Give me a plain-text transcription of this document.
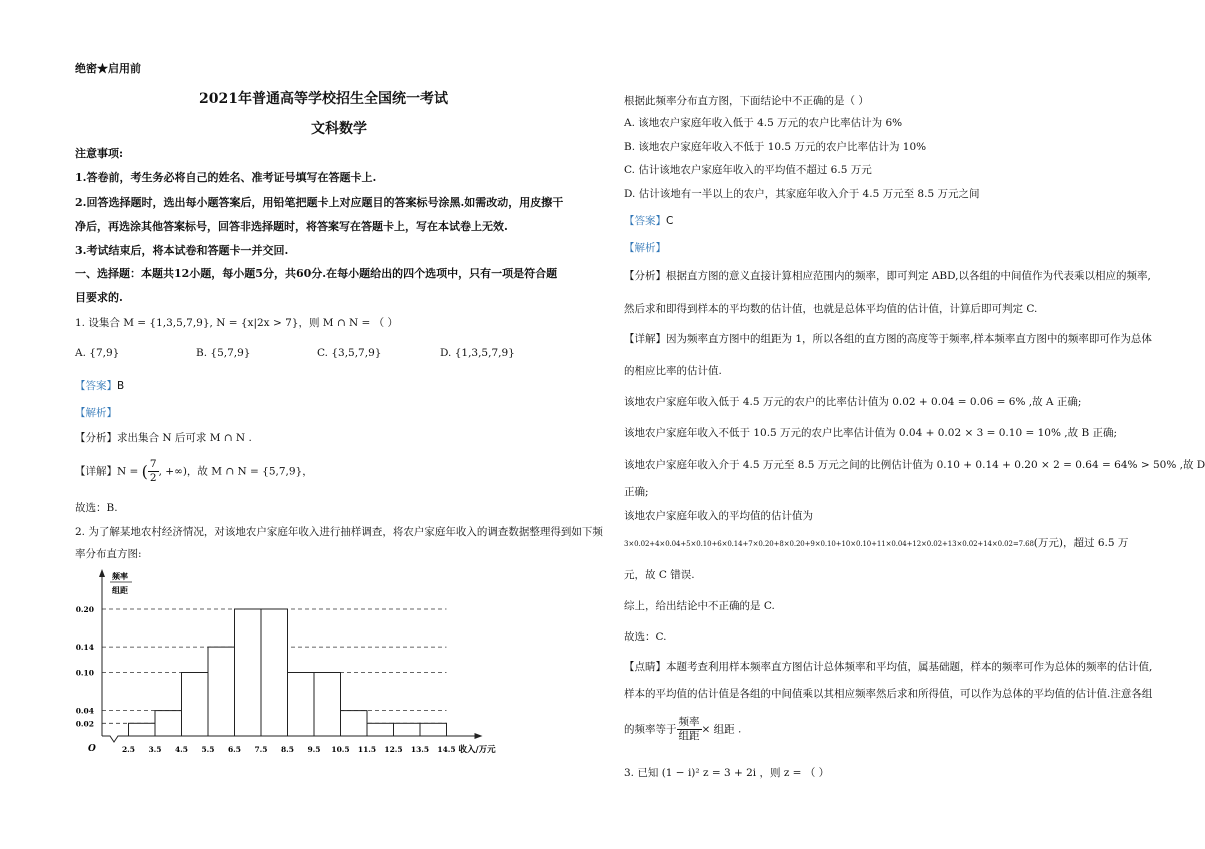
绝密★启用前
2021年普通高等学校招生全国统一考试
文科数学
注意事项:
1.答卷前，考生务必将自己的姓名、准考证号填写在答题卡上.
2.回答选择题时，选出每小题答案后，用铅笔把题卡上对应题目的答案标号涂黑.如需改动，用皮擦干
净后，再选涂其他答案标号，回答非选择题时，将答案写在答题卡上，写在本试卷上无效.
3.考试结束后，将本试卷和答题卡一并交回.
一、选择题：本题共12小题，每小题5分，共60分.在每小题给出的四个选项中，只有一项是符合题
目要求的.
1. 设集合 M = {1,3,5,7,9}, N = {x|2x > 7}，则 M ∩ N = （ ）
A. {7,9}	B. {5,7,9}	C. {3,5,7,9}	D. {1,3,5,7,9}
【答案】B
【解析】
【分析】求出集合 N 后可求 M ∩ N .
【详解】N = ( $\frac{7}{2}$ , +∞)，故 M ∩ N = {5,7,9}，
故选：B.
2. 为了解某地农村经济情况，对该地农户家庭年收入进行抽样调查，将农户家庭年收入的调查数据整理得到如下频
率分布直方图:
0.02
0.04
0.10
0.14
0.20
2.5 3.5 4.5 5.5 6.5 7.5 8.5 9.5 10.5 11.5 12.5 13.5 14.5
O
频率
组距
收入/万元
根据此频率分布直方图，下面结论中不正确的是（ ）
A. 该地农户家庭年收入低于 4.5 万元的农户比率估计为 6%
B. 该地农户家庭年收入不低于 10.5 万元的农户比率估计为 10%
C. 估计该地农户家庭年收入的平均值不超过 6.5 万元
D. 估计该地有一半以上的农户，其家庭年收入介于 4.5 万元至 8.5 万元之间
【答案】C
【解析】
【分析】根据直方图的意义直接计算相应范围内的频率，即可判定 ABD,以各组的中间值作为代表乘以相应的频率,
然后求和即得到样本的平均数的估计值，也就是总体平均值的估计值，计算后即可判定 C.
【详解】因为频率直方图中的组距为 1，所以各组的直方图的高度等于频率,样本频率直方图中的频率即可作为总体
的相应比率的估计值.
该地农户家庭年收入低于 4.5 万元的农户的比率估计值为 0.02 + 0.04 = 0.06 = 6% ,故 A 正确;
该地农户家庭年收入不低于 10.5 万元的农户比率估计值为 0.04 + 0.02 × 3 = 0.10 = 10% ,故 B 正确;
该地农户家庭年收入介于 4.5 万元至 8.5 万元之间的比例估计值为 0.10 + 0.14 + 0.20 × 2 = 0.64 = 64% > 50% ,故 D
正确;
该地农户家庭年收入的平均值的估计值为
3×0.02+4×0.04+5×0.10+6×0.14+7×0.20+8×0.20+9×0.10+10×0.10+11×0.04+12×0.02+13×0.02+14×0.02=7.68(万元)，超过 6.5 万
元，故 C 错误.
综上，给出结论中不正确的是 C.
故选：C.
【点睛】本题考查利用样本频率直方图估计总体频率和平均值，属基础题，样本的频率可作为总体的频率的估计值,
样本的平均值的估计值是各组的中间值乘以其相应频率然后求和所得值，可以作为总体的平均值的估计值.注意各组
的频率等于 $\frac{\text{频率}}{\text{组距}}$ × 组距 .
3. 已知 (1 − i)² z = 3 + 2i ，则 z = （ ）
